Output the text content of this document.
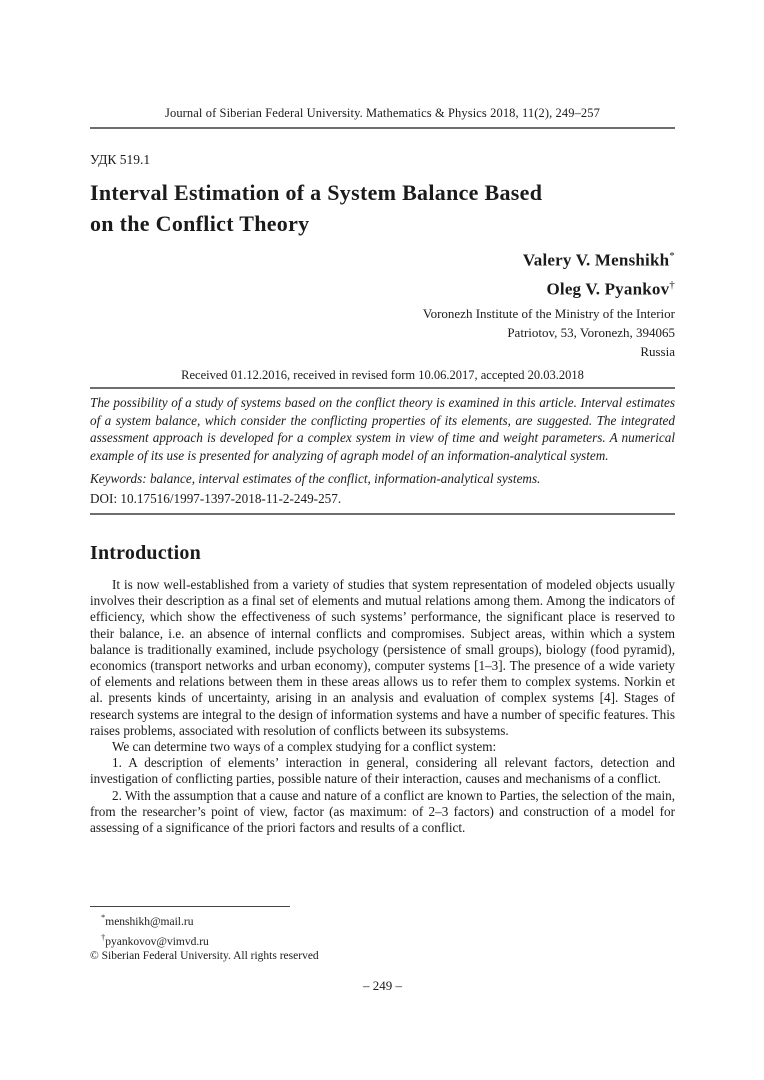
Journal of Siberian Federal University. Mathematics & Physics 2018, 11(2), 249–257
УДК 519.1
Interval Estimation of a System Balance Based
on the Conflict Theory
Valery V. Menshikh*
Oleg V. Pyankov†
Voronezh Institute of the Ministry of the Interior
Patriotov, 53, Voronezh, 394065
Russia
Received 01.12.2016, received in revised form 10.06.2017, accepted 20.03.2018

The possibility of a study of systems based on the conflict theory is examined in this article. Interval estimates of a system balance, which consider the conflicting properties of its elements, are suggested. The integrated assessment approach is developed for a complex system in view of time and weight parameters. A numerical example of its use is presented for analyzing of agraph model of an information-analytical system.

Keywords: balance, interval estimates of the conflict, information-analytical systems.

DOI: 10.17516/1997-1397-2018-11-2-249-257.

Introduction

It is now well-established from a variety of studies that system representation of modeled objects usually involves their description as a final set of elements and mutual relations among them. Among the indicators of efficiency, which show the effectiveness of such systems’ performance, the significant place is reserved to their balance, i.e. an absence of internal conflicts and compromises. Subject areas, within which a system balance is traditionally examined, include psychology (persistence of small groups), biology (food pyramid), economics (transport networks and urban economy), computer systems [1–3]. The presence of a wide variety of elements and relations between them in these areas allows us to refer them to complex systems. Norkin et al. presents kinds of uncertainty, arising in an analysis and evaluation of complex systems [4]. Stages of research systems are integral to the design of information systems and have a number of specific features. This raises problems, associated with resolution of conflicts between its subsystems.

We can determine two ways of a complex studying for a conflict system:

1. A description of elements’ interaction in general, considering all relevant factors, detection and investigation of conflicting parties, possible nature of their interaction, causes and mechanisms of a conflict.

2. With the assumption that a cause and nature of a conflict are known to Parties, the selection of the main, from the researcher’s point of view, factor (as maximum: of 2–3 factors) and construction of a model for assessing of a significance of the priori factors and results of a conflict.

*menshikh@mail.ru
†pyankovov@vimvd.ru
© Siberian Federal University. All rights reserved
– 249 –
